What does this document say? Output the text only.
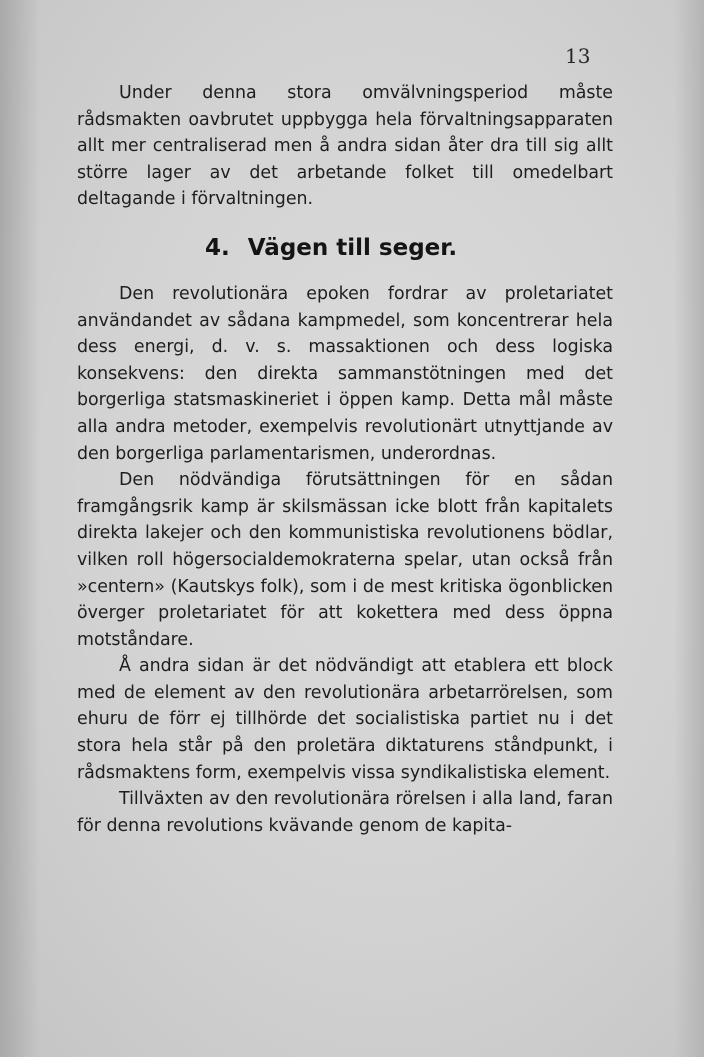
13

Under denna stora omvälvningsperiod måste rådsmakten oavbrutet uppbygga hela förvaltningsapparaten allt mer centraliserad men å andra sidan åter dra till sig allt större lager av det arbetande folket till omedelbart deltagande i förvaltningen.

4. Vägen till seger.

Den revolutionära epoken fordrar av proletariatet användandet av sådana kampmedel, som koncentrerar hela dess energi, d. v. s. massaktionen och dess logiska konsekvens: den direkta sammanstötningen med det borgerliga statsmaskineriet i öppen kamp. Detta mål måste alla andra metoder, exempelvis revolutionärt utnyttjande av den borgerliga parlamentarismen, underordnas.

Den nödvändiga förutsättningen för en sådan framgångsrik kamp är skilsmässan icke blott från kapitalets direkta lakejer och den kommunistiska revolutionens bödlar, vilken roll högersocialdemokraterna spelar, utan också från »centern» (Kautskys folk), som i de mest kritiska ögonblicken överger proletariatet för att kokettera med dess öppna motståndare.

Å andra sidan är det nödvändigt att etablera ett block med de element av den revolutionära arbetarrörelsen, som ehuru de förr ej tillhörde det socialistiska partiet nu i det stora hela står på den proletära diktaturens ståndpunkt, i rådsmaktens form, exempelvis vissa syndikalistiska element.

Tillväxten av den revolutionära rörelsen i alla land, faran för denna revolutions kvävande genom de kapita-
